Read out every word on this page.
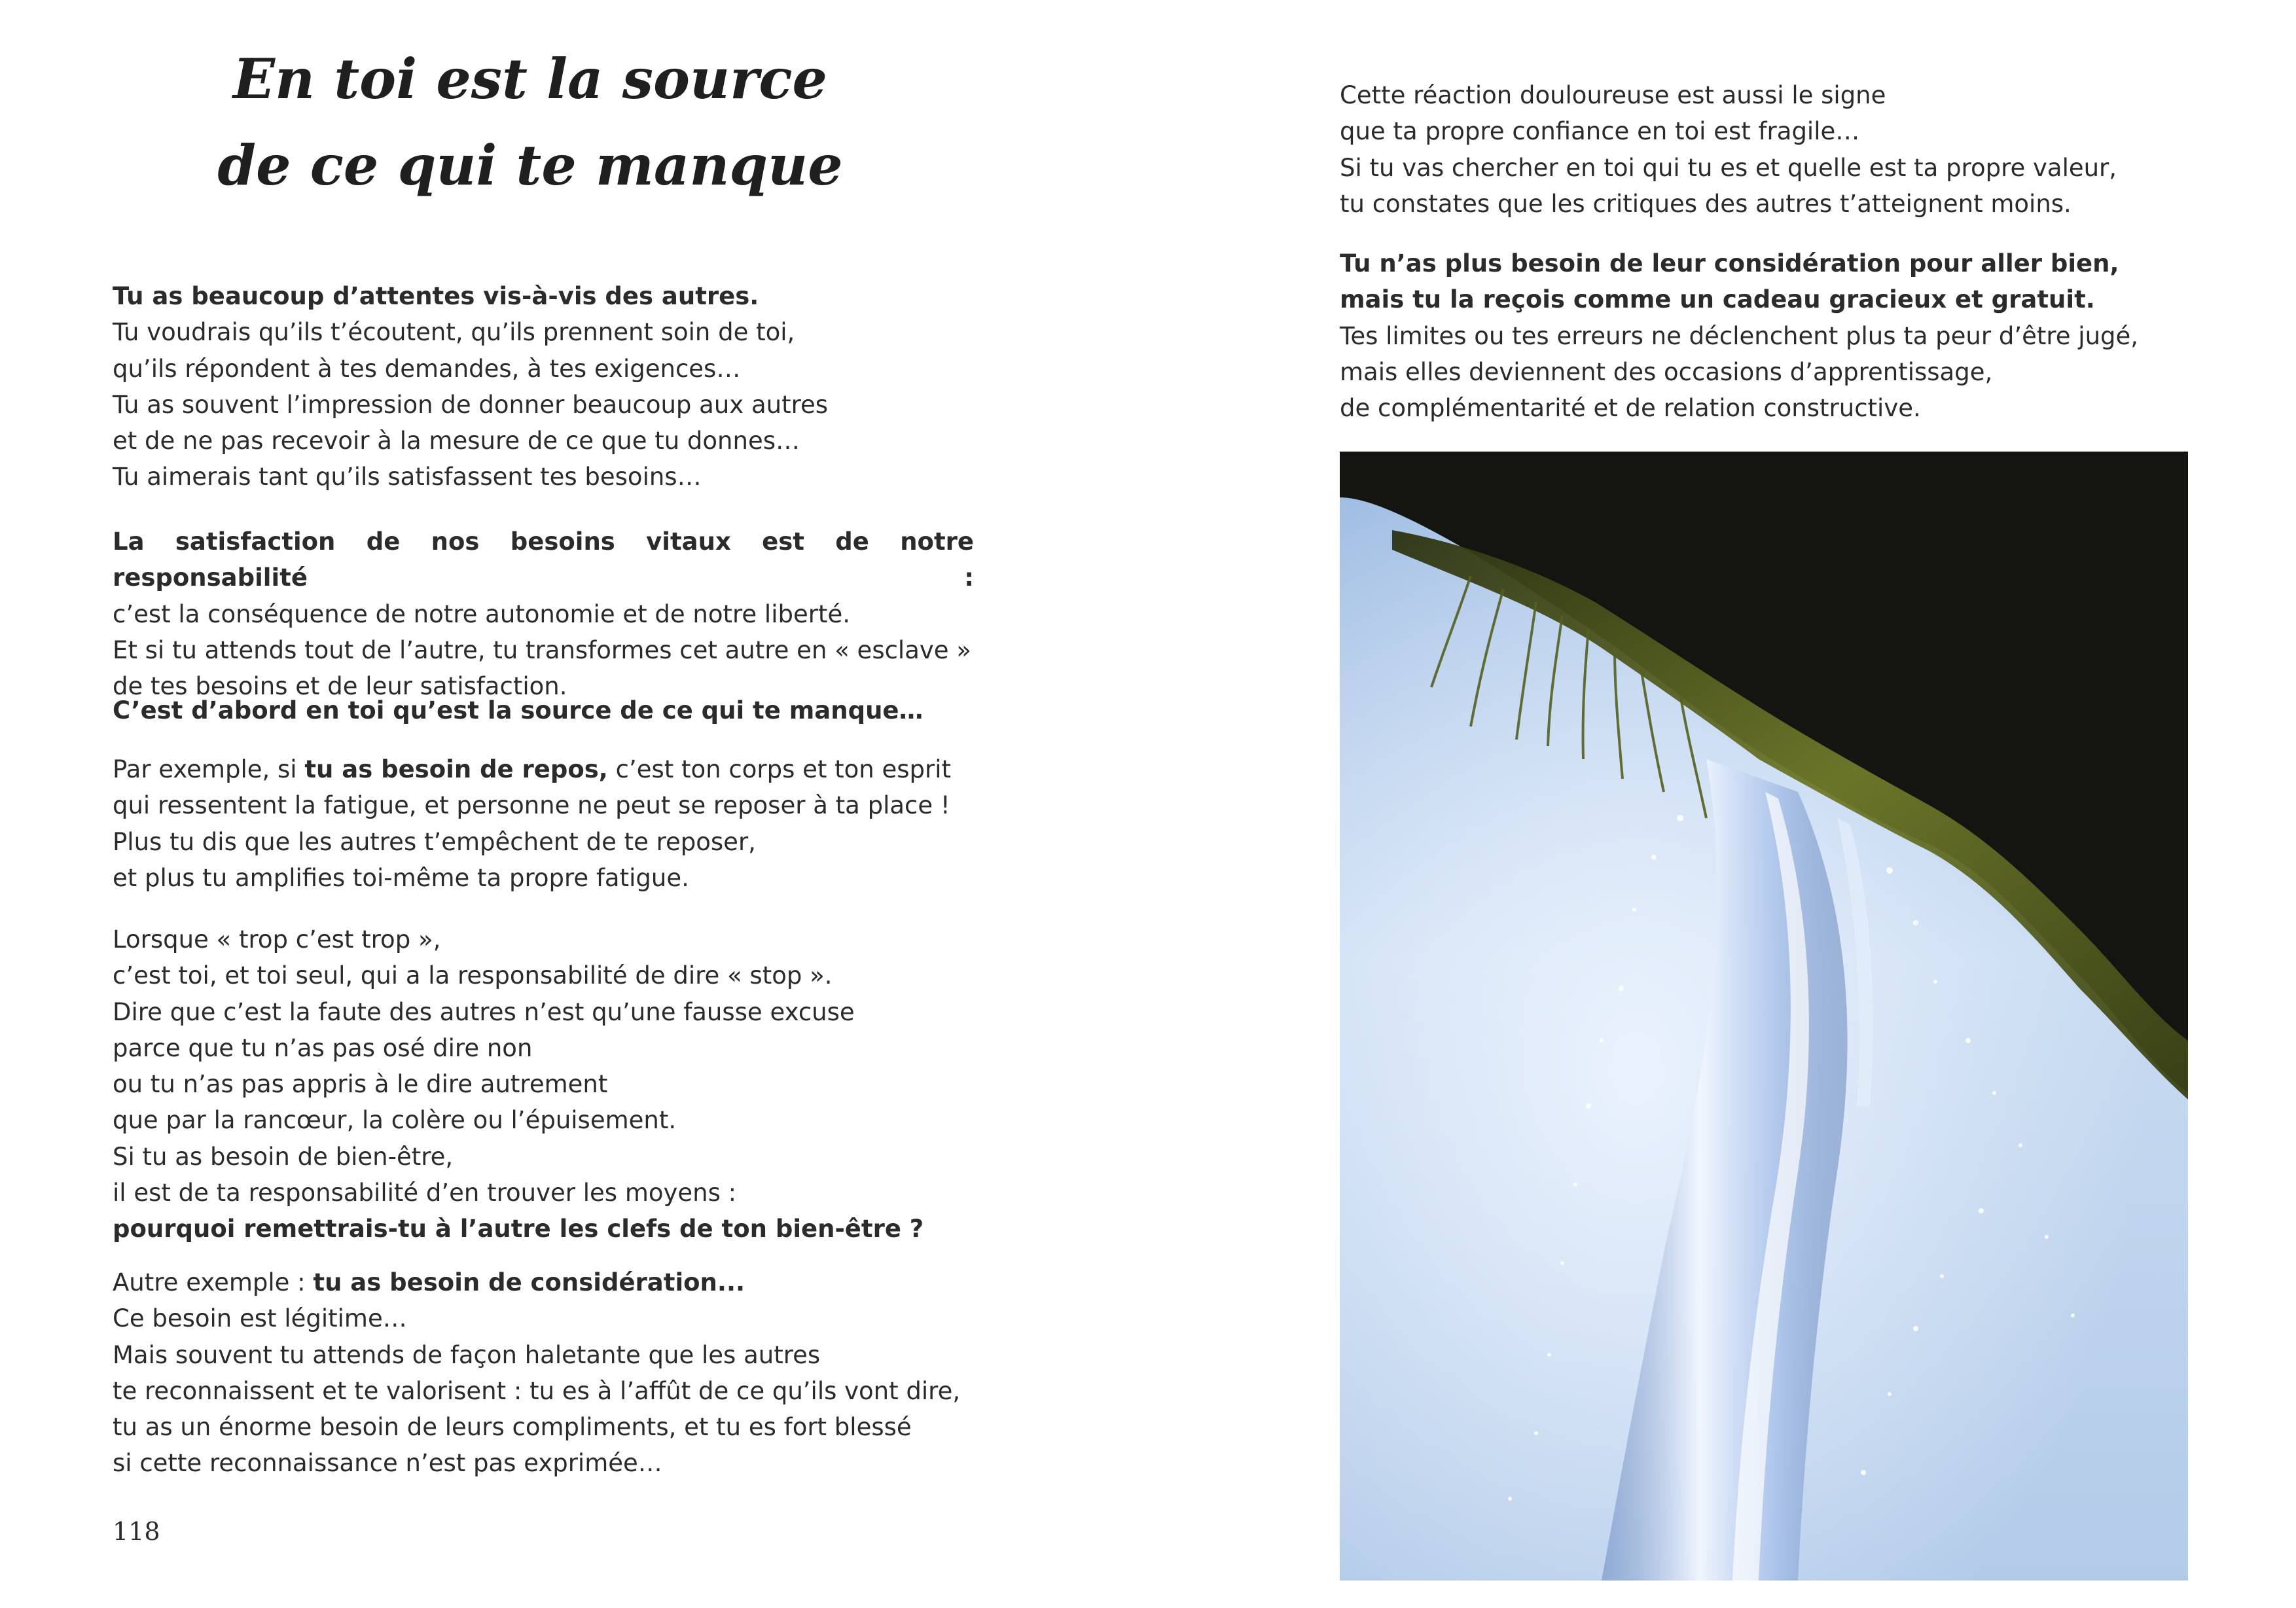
En toi est la source
de ce qui te manque

Tu as beaucoup d’attentes vis-à-vis des autres.
Tu voudrais qu’ils t’écoutent, qu’ils prennent soin de toi,
qu’ils répondent à tes demandes, à tes exigences…
Tu as souvent l’impression de donner beaucoup aux autres
et de ne pas recevoir à la mesure de ce que tu donnes…
Tu aimerais tant qu’ils satisfassent tes besoins…

La satisfaction de nos besoins vitaux est de notre responsabilité :
c’est la conséquence de notre autonomie et de notre liberté.
Et si tu attends tout de l’autre, tu transformes cet autre en « esclave »
de tes besoins et de leur satisfaction.

C’est d’abord en toi qu’est la source de ce qui te manque…

Par exemple, si tu as besoin de repos, c’est ton corps et ton esprit
qui ressentent la fatigue, et personne ne peut se reposer à ta place !
Plus tu dis que les autres t’empêchent de te reposer,
et plus tu amplifies toi-même ta propre fatigue.

Lorsque « trop c’est trop »,
c’est toi, et toi seul, qui a la responsabilité de dire « stop ».
Dire que c’est la faute des autres n’est qu’une fausse excuse
parce que tu n’as pas osé dire non
ou tu n’as pas appris à le dire autrement
que par la rancœur, la colère ou l’épuisement.
Si tu as besoin de bien-être,
il est de ta responsabilité d’en trouver les moyens :
pourquoi remettrais-tu à l’autre les clefs de ton bien-être ?

Autre exemple : tu as besoin de considération...
Ce besoin est légitime…
Mais souvent tu attends de façon haletante que les autres
te reconnaissent et te valorisent : tu es à l’affût de ce qu’ils vont dire,
tu as un énorme besoin de leurs compliments, et tu es fort blessé
si cette reconnaissance n’est pas exprimée…

118

Cette réaction douloureuse est aussi le signe
que ta propre confiance en toi est fragile…
Si tu vas chercher en toi qui tu es et quelle est ta propre valeur,
tu constates que les critiques des autres t’atteignent moins.

Tu n’as plus besoin de leur considération pour aller bien,
mais tu la reçois comme un cadeau gracieux et gratuit.
Tes limites ou tes erreurs ne déclenchent plus ta peur d’être jugé,
mais elles deviennent des occasions d’apprentissage,
de complémentarité et de relation constructive.
